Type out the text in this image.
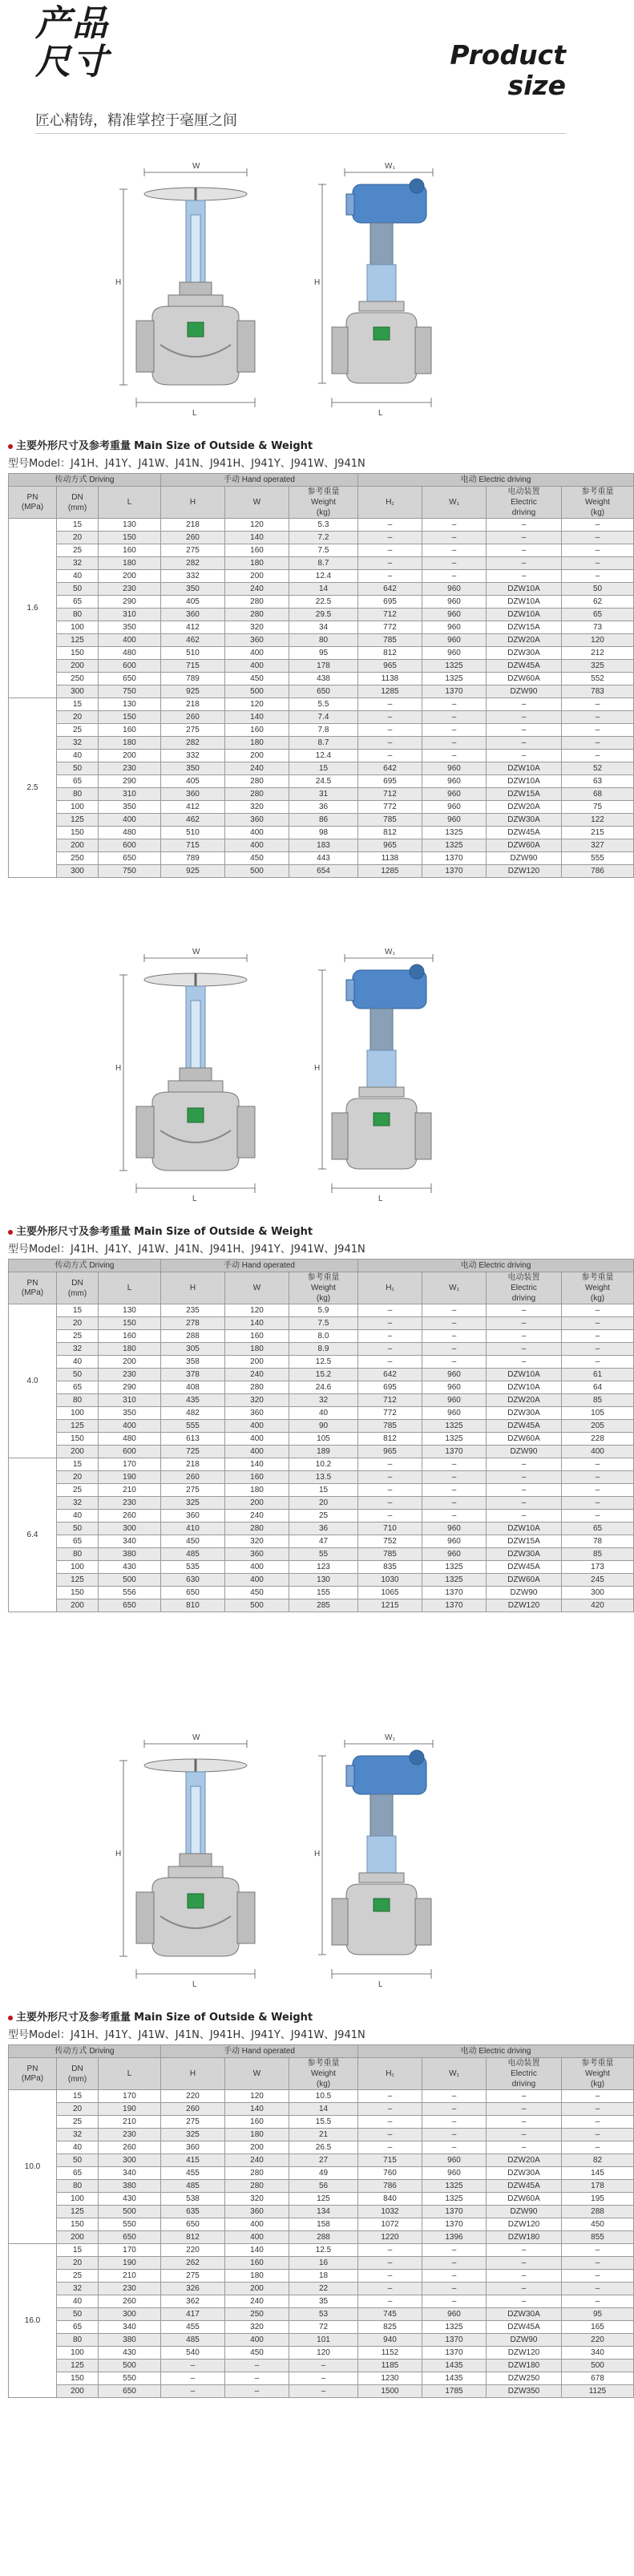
产品
尺寸	Product
size
匠心精铸，精准掌控于毫厘之间
W
L
H
W₁
L
H
W
L
H
W₁
L
H
W
L
H
W₁
L
H
主要外形尺寸及参考重量 Main Size of Outside & Weight
型号Model：J41H、J41Y、J41W、J41N、J941H、J941Y、J941W、J941N
传动方式 Driving			手动 Hand operated			电动 Electric driving			
PN
(MPa)	DN
(mm)	L	H	W	参考重量
Weight
(kg)	H₁	W₁	电动装置
Electric
driving	参考重量
Weight
(kg)
1.6	15	130	218	120	5.3	–	–	–	–
	20	150	260	140	7.2	–	–	–	–
	25	160	275	160	7.5	–	–	–	–
	32	180	282	180	8.7	–	–	–	–
	40	200	332	200	12.4	–	–	–	–
	50	230	350	240	14	642	960	DZW10A	50
	65	290	405	280	22.5	695	960	DZW10A	62
	80	310	360	280	29.5	712	960	DZW10A	65
	100	350	412	320	34	772	960	DZW15A	73
	125	400	462	360	80	785	960	DZW20A	120
	150	480	510	400	95	812	960	DZW30A	212
	200	600	715	400	178	965	1325	DZW45A	325
	250	650	789	450	438	1138	1325	DZW60A	552
	300	750	925	500	650	1285	1370	DZW90	783
2.5	15	130	218	120	5.5	–	–	–	–
	20	150	260	140	7.4	–	–	–	–
	25	160	275	160	7.8	–	–	–	–
	32	180	282	180	8.7	–	–	–	–
	40	200	332	200	12.4	–	–	–	–
	50	230	350	240	15	642	960	DZW10A	52
	65	290	405	280	24.5	695	960	DZW10A	63
	80	310	360	280	31	712	960	DZW15A	68
	100	350	412	320	36	772	960	DZW20A	75
	125	400	462	360	86	785	960	DZW30A	122
	150	480	510	400	98	812	1325	DZW45A	215
	200	600	715	400	183	965	1325	DZW60A	327
	250	650	789	450	443	1138	1370	DZW90	555
	300	750	925	500	654	1285	1370	DZW120	786
主要外形尺寸及参考重量 Main Size of Outside & Weight
型号Model：J41H、J41Y、J41W、J41N、J941H、J941Y、J941W、J941N
传动方式 Driving			手动 Hand operated			电动 Electric driving			
PN
(MPa)	DN
(mm)	L	H	W	参考重量
Weight
(kg)	H₁	W₁	电动装置
Electric
driving	参考重量
Weight
(kg)
4.0	15	130	235	120	5.9	–	–	–	–
	20	150	278	140	7.5	–	–	–	–
	25	160	288	160	8.0	–	–	–	–
	32	180	305	180	8.9	–	–	–	–
	40	200	358	200	12.5	–	–	–	–
	50	230	378	240	15.2	642	960	DZW10A	61
	65	290	408	280	24.6	695	960	DZW10A	64
	80	310	435	320	32	712	960	DZW20A	85
	100	350	482	360	40	772	960	DZW30A	105
	125	400	555	400	90	785	1325	DZW45A	205
	150	480	613	400	105	812	1325	DZW60A	228
	200	600	725	400	189	965	1370	DZW90	400
6.4	15	170	218	140	10.2	–	–	–	–
	20	190	260	160	13.5	–	–	–	–
	25	210	275	180	15	–	–	–	–
	32	230	325	200	20	–	–	–	–
	40	260	360	240	25	–	–	–	–
	50	300	410	280	36	710	960	DZW10A	65
	65	340	450	320	47	752	960	DZW15A	78
	80	380	485	360	55	785	960	DZW30A	85
	100	430	535	400	123	835	1325	DZW45A	173
	125	500	630	400	130	1030	1325	DZW60A	245
	150	556	650	450	155	1065	1370	DZW90	300
	200	650	810	500	285	1215	1370	DZW120	420
主要外形尺寸及参考重量 Main Size of Outside & Weight
型号Model：J41H、J41Y、J41W、J41N、J941H、J941Y、J941W、J941N
传动方式 Driving			手动 Hand operated			电动 Electric driving			
PN
(MPa)	DN
(mm)	L	H	W	参考重量
Weight
(kg)	H₁	W₁	电动装置
Electric
driving	参考重量
Weight
(kg)
10.0	15	170	220	120	10.5	–	–	–	–
	20	190	260	140	14	–	–	–	–
	25	210	275	160	15.5	–	–	–	–
	32	230	325	180	21	–	–	–	–
	40	260	360	200	26.5	–	–	–	–
	50	300	415	240	27	715	960	DZW20A	82
	65	340	455	280	49	760	960	DZW30A	145
	80	380	485	280	56	786	1325	DZW45A	178
	100	430	538	320	125	840	1325	DZW60A	195
	125	500	635	360	134	1032	1370	DZW90	288
	150	550	650	400	158	1072	1370	DZW120	450
	200	650	812	400	288	1220	1396	DZW180	855
16.0	15	170	220	140	12.5	–	–	–	–
	20	190	262	160	16	–	–	–	–
	25	210	275	180	18	–	–	–	–
	32	230	326	200	22	–	–	–	–
	40	260	362	240	35	–	–	–	–
	50	300	417	250	53	745	960	DZW30A	95
	65	340	455	320	72	825	1325	DZW45A	165
	80	380	485	400	101	940	1370	DZW90	220
	100	430	540	450	120	1152	1370	DZW120	340
	125	500	–	–	–	1185	1435	DZW180	500
	150	550	–	–	–	1230	1435	DZW250	678
	200	650	–	–	–	1500	1785	DZW350	1125
